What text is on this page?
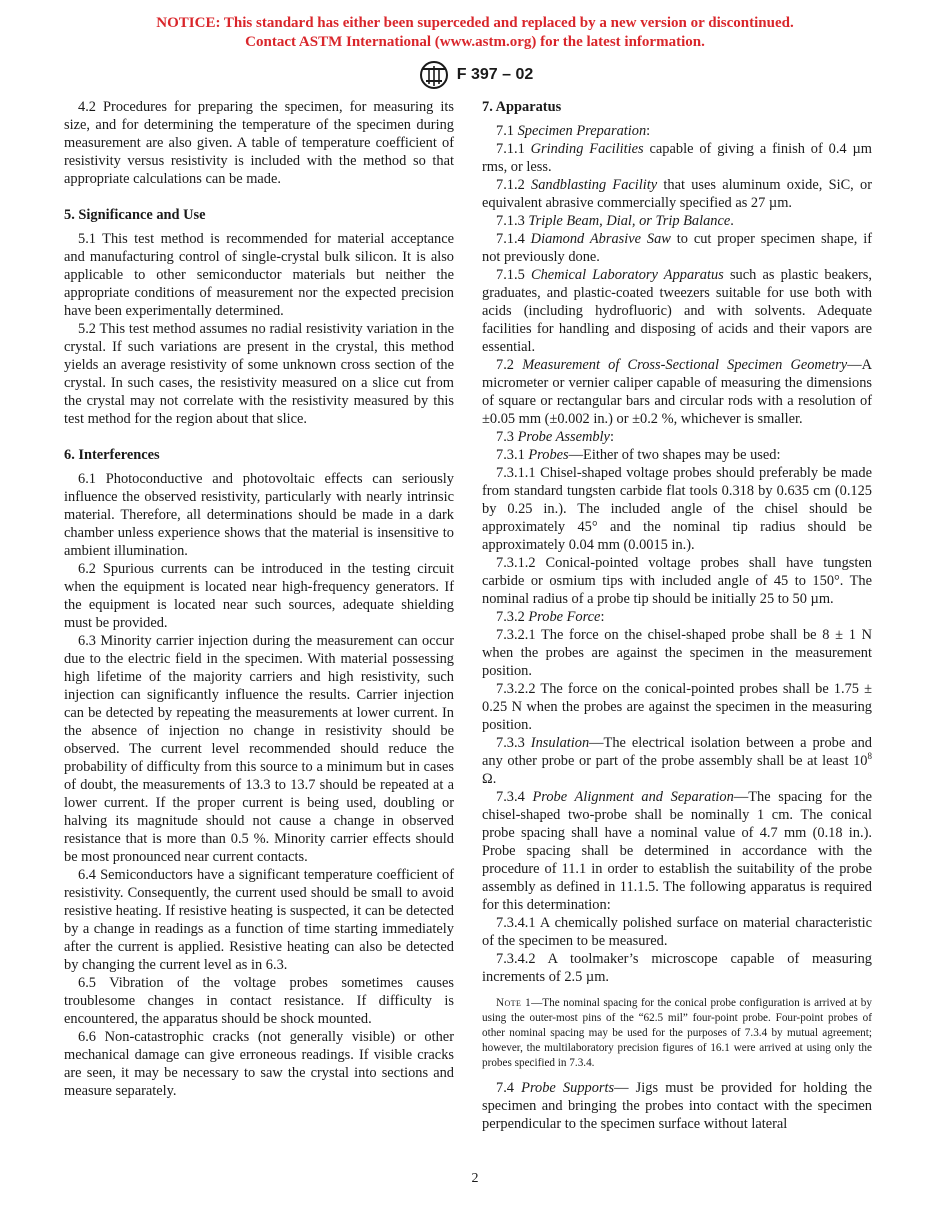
NOTICE: This standard has either been superceded and replaced by a new version or discontinued.
Contact ASTM International (www.astm.org) for the latest information.
F 397 – 02

4.2 Procedures for preparing the specimen, for measuring its size, and for determining the temperature of the specimen during measurement are also given. A table of temperature coefficient of resistivity versus resistivity is included with the method so that appropriate calculations can be made.

5. Significance and Use

5.1 This test method is recommended for material acceptance and manufacturing control of single-crystal bulk silicon. It is also applicable to other semiconductor materials but neither the appropriate conditions of measurement nor the expected precision have been experimentally determined.

5.2 This test method assumes no radial resistivity variation in the crystal. If such variations are present in the crystal, this method yields an average resistivity of some unknown cross section of the crystal. In such cases, the resistivity measured on a slice cut from the crystal may not correlate with the resistivity measured by this test method for the region about that slice.

6. Interferences

6.1 Photoconductive and photovoltaic effects can seriously influence the observed resistivity, particularly with nearly intrinsic material. Therefore, all determinations should be made in a dark chamber unless experience shows that the material is insensitive to ambient illumination.

6.2 Spurious currents can be introduced in the testing circuit when the equipment is located near high-frequency generators. If the equipment is located near such sources, adequate shielding must be provided.

6.3 Minority carrier injection during the measurement can occur due to the electric field in the specimen. With material possessing high lifetime of the majority carriers and high resistivity, such injection can significantly influence the results. Carrier injection can be detected by repeating the measurements at lower current. In the absence of injection no change in resistivity should be observed. The current level recommended should reduce the probability of difficulty from this source to a minimum but in cases of doubt, the measurements of 13.3 to 13.7 should be repeated at a lower current. If the proper current is being used, doubling or halving its magnitude should not cause a change in observed resistance that is more than 0.5 %. Minority carrier effects should be most pronounced near current contacts.

6.4 Semiconductors have a significant temperature coefficient of resistivity. Consequently, the current used should be small to avoid resistive heating. If resistive heating is suspected, it can be detected by a change in readings as a function of time starting immediately after the current is applied. Resistive heating can also be detected by changing the current level as in 6.3.

6.5 Vibration of the voltage probes sometimes causes troublesome changes in contact resistance. If difficulty is encountered, the apparatus should be shock mounted.

6.6 Non-catastrophic cracks (not generally visible) or other mechanical damage can give erroneous readings. If visible cracks are seen, it may be necessary to saw the crystal into sections and measure separately.

7. Apparatus

7.1 Specimen Preparation:

7.1.1 Grinding Facilities capable of giving a finish of 0.4 µm rms, or less.

7.1.2 Sandblasting Facility that uses aluminum oxide, SiC, or equivalent abrasive commercially specified as 27 µm.

7.1.3 Triple Beam, Dial, or Trip Balance.

7.1.4 Diamond Abrasive Saw to cut proper specimen shape, if not previously done.

7.1.5 Chemical Laboratory Apparatus such as plastic beakers, graduates, and plastic-coated tweezers suitable for use both with acids (including hydrofluoric) and with solvents. Adequate facilities for handling and disposing of acids and their vapors are essential.

7.2 Measurement of Cross-Sectional Specimen Geometry—A micrometer or vernier caliper capable of measuring the dimensions of square or rectangular bars and circular rods with a resolution of ±0.05 mm (±0.002 in.) or ±0.2 %, whichever is smaller.

7.3 Probe Assembly:

7.3.1 Probes—Either of two shapes may be used:

7.3.1.1 Chisel-shaped voltage probes should preferably be made from standard tungsten carbide flat tools 0.318 by 0.635 cm (0.125 by 0.25 in.). The included angle of the chisel should be approximately 45° and the nominal tip radius should be approximately 0.04 mm (0.0015 in.).

7.3.1.2 Conical-pointed voltage probes shall have tungsten carbide or osmium tips with included angle of 45 to 150°. The nominal radius of a probe tip should be initially 25 to 50 µm.

7.3.2 Probe Force:

7.3.2.1 The force on the chisel-shaped probe shall be 8 ± 1 N when the probes are against the specimen in the measurement position.

7.3.2.2 The force on the conical-pointed probes shall be 1.75 ± 0.25 N when the probes are against the specimen in the measuring position.

7.3.3 Insulation—The electrical isolation between a probe and any other probe or part of the probe assembly shall be at least $10^8$ Ω.

7.3.4 Probe Alignment and Separation—The spacing for the chisel-shaped two-probe shall be nominally 1 cm. The conical probe spacing shall have a nominal value of 4.7 mm (0.18 in.). Probe spacing shall be determined in accordance with the procedure of 11.1 in order to establish the suitability of the probe assembly as defined in 11.1.5. The following apparatus is required for this determination:

7.3.4.1 A chemically polished surface on material characteristic of the specimen to be measured.

7.3.4.2 A toolmaker’s microscope capable of measuring increments of 2.5 µm.

Note 1—The nominal spacing for the conical probe configuration is arrived at by using the outer-most pins of the “62.5 mil” four-point probe. Four-point probes of other nominal spacing may be used for the purposes of 7.3.4 by mutual agreement; however, the multilaboratory precision figures of 16.1 were arrived at using only the probes specified in 7.3.4.

7.4 Probe Supports— Jigs must be provided for holding the specimen and bringing the probes into contact with the specimen perpendicular to the specimen surface without lateral

2
